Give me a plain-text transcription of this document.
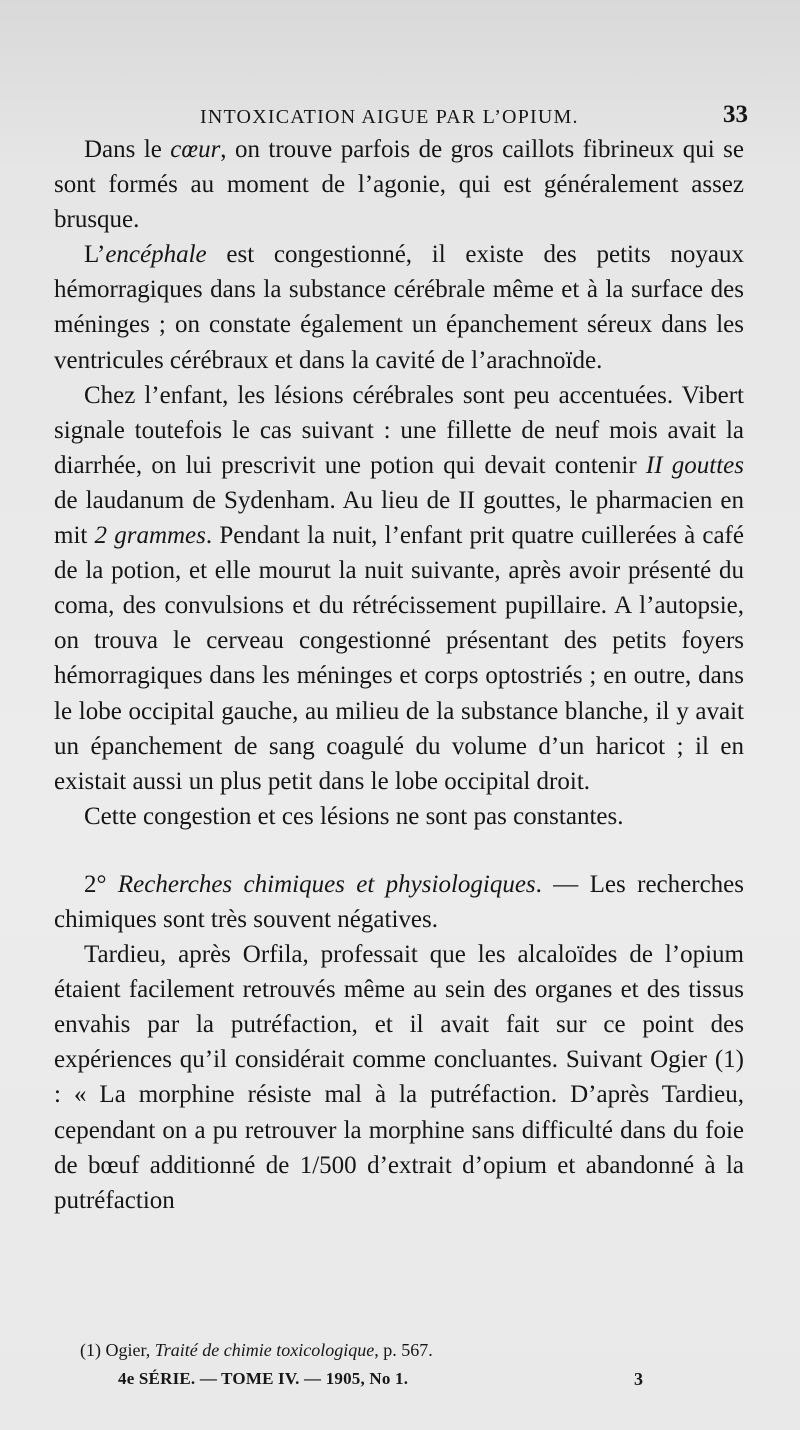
INTOXICATION AIGUE PAR L’OPIUM.	33

Dans le cœur, on trouve parfois de gros caillots fibrineux qui se sont formés au moment de l’agonie, qui est généralement assez brusque.

L’encéphale est congestionné, il existe des petits noyaux hémorragiques dans la substance cérébrale même et à la surface des méninges ; on constate également un épanchement séreux dans les ventricules cérébraux et dans la cavité de l’arachnoïde.

Chez l’enfant, les lésions cérébrales sont peu accentuées. Vibert signale toutefois le cas suivant : une fillette de neuf mois avait la diarrhée, on lui prescrivit une potion qui devait contenir II gouttes de laudanum de Sydenham. Au lieu de II gouttes, le pharmacien en mit 2 grammes. Pendant la nuit, l’enfant prit quatre cuillerées à café de la potion, et elle mourut la nuit suivante, après avoir présenté du coma, des convulsions et du rétrécissement pupillaire. A l’autopsie, on trouva le cerveau congestionné présentant des petits foyers hémorragiques dans les méninges et corps optostriés ; en outre, dans le lobe occipital gauche, au milieu de la substance blanche, il y avait un épanchement de sang coagulé du volume d’un haricot ; il en existait aussi un plus petit dans le lobe occipital droit.

Cette congestion et ces lésions ne sont pas constantes.

2° Recherches chimiques et physiologiques. — Les recherches chimiques sont très souvent négatives.

Tardieu, après Orfila, professait que les alcaloïdes de l’opium étaient facilement retrouvés même au sein des organes et des tissus envahis par la putréfaction, et il avait fait sur ce point des expériences qu’il considérait comme concluantes. Suivant Ogier (1) : « La morphine résiste mal à la putréfaction. D’après Tardieu, cependant on a pu retrouver la morphine sans difficulté dans du foie de bœuf additionné de 1/500 d’extrait d’opium et abandonné à la putréfaction

(1) Ogier, Traité de chimie toxicologique, p. 567.

4e SÉRIE. — TOME IV. — 1905, No 1.	3
